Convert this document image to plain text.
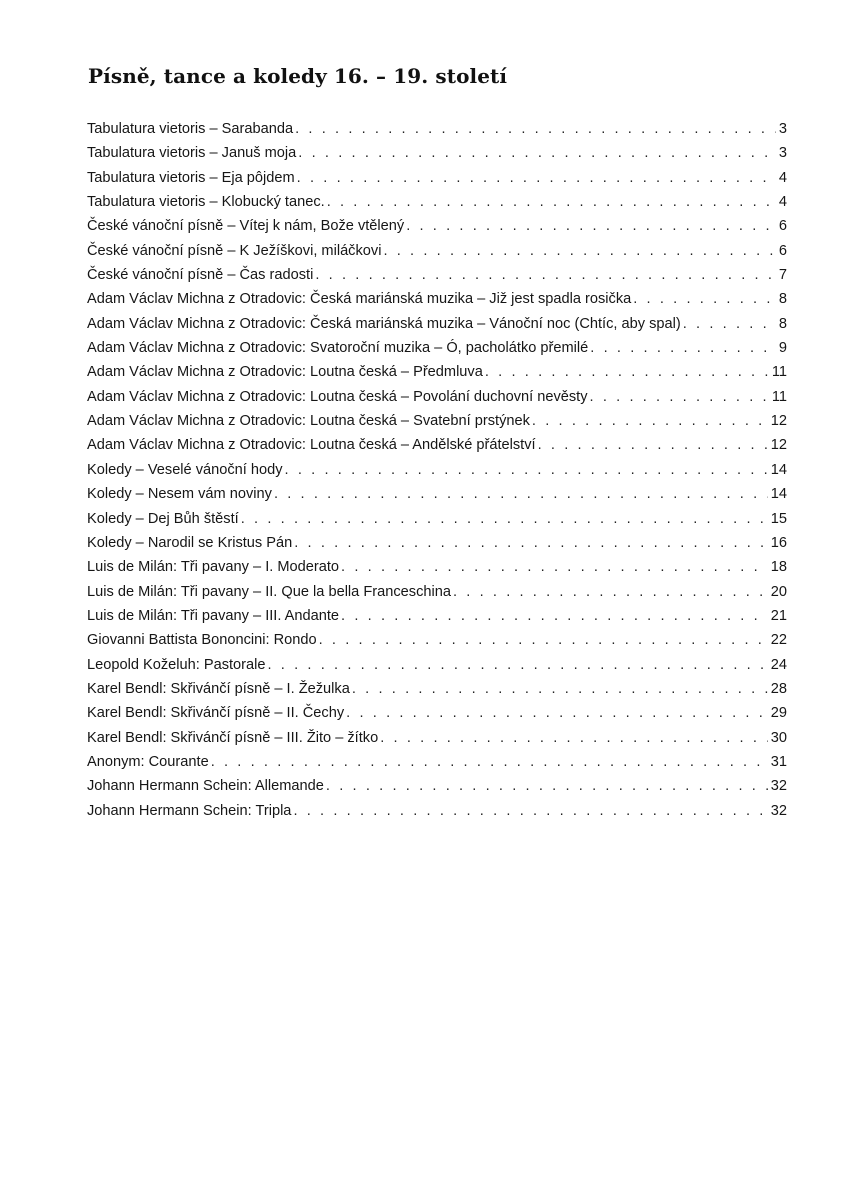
Písně, tance a koledy 16. – 19. století
Tabulatura vietoris – Sarabanda . . .	3
Tabulatura vietoris – Januš moja . . .	3
Tabulatura vietoris – Eja pôjdem . . .	4
Tabulatura vietoris – Klobucký tanec. . . .	4
České vánoční písně – Vítej k nám, Bože vtělený . . .	6
České vánoční písně – K Ježíškovi, miláčkovi . . .	6
České vánoční písně – Čas radosti . . .	7
Adam Václav Michna z Otradovic: Česká mariánská muzika – Již jest spadla rosička . . .	8
Adam Václav Michna z Otradovic: Česká mariánská muzika – Vánoční noc (Chtíc, aby spal) . . .	8
Adam Václav Michna z Otradovic: Svatoroční muzika – Ó, pacholátko přemilé . . .	9
Adam Václav Michna z Otradovic: Loutna česká – Předmluva . . .	11
Adam Václav Michna z Otradovic: Loutna česká – Povolání duchovní nevěsty . . .	11
Adam Václav Michna z Otradovic: Loutna česká – Svatební prstýnek . . .	12
Adam Václav Michna z Otradovic: Loutna česká – Andělské přátelství . . .	12
Koledy – Veselé vánoční hody . . .	14
Koledy – Nesem vám noviny . . .	14
Koledy – Dej Bůh štěstí . . .	15
Koledy – Narodil se Kristus Pán . . .	16
Luis de Milán: Tři pavany – I. Moderato . . .	18
Luis de Milán: Tři pavany – II. Que la bella Franceschina . . .	20
Luis de Milán: Tři pavany – III. Andante . . .	21
Giovanni Battista Bononcini: Rondo . . .	22
Leopold Koželuh: Pastorale . . .	24
Karel Bendl: Skřivánčí písně – I. Žežulka . . .	28
Karel Bendl: Skřivánčí písně – II. Čechy . . .	29
Karel Bendl: Skřivánčí písně – III. Žito – žítko . . .	30
Anonym: Courante . . .	31
Johann Hermann Schein: Allemande . . .	32
Johann Hermann Schein: Tripla . . .	32
